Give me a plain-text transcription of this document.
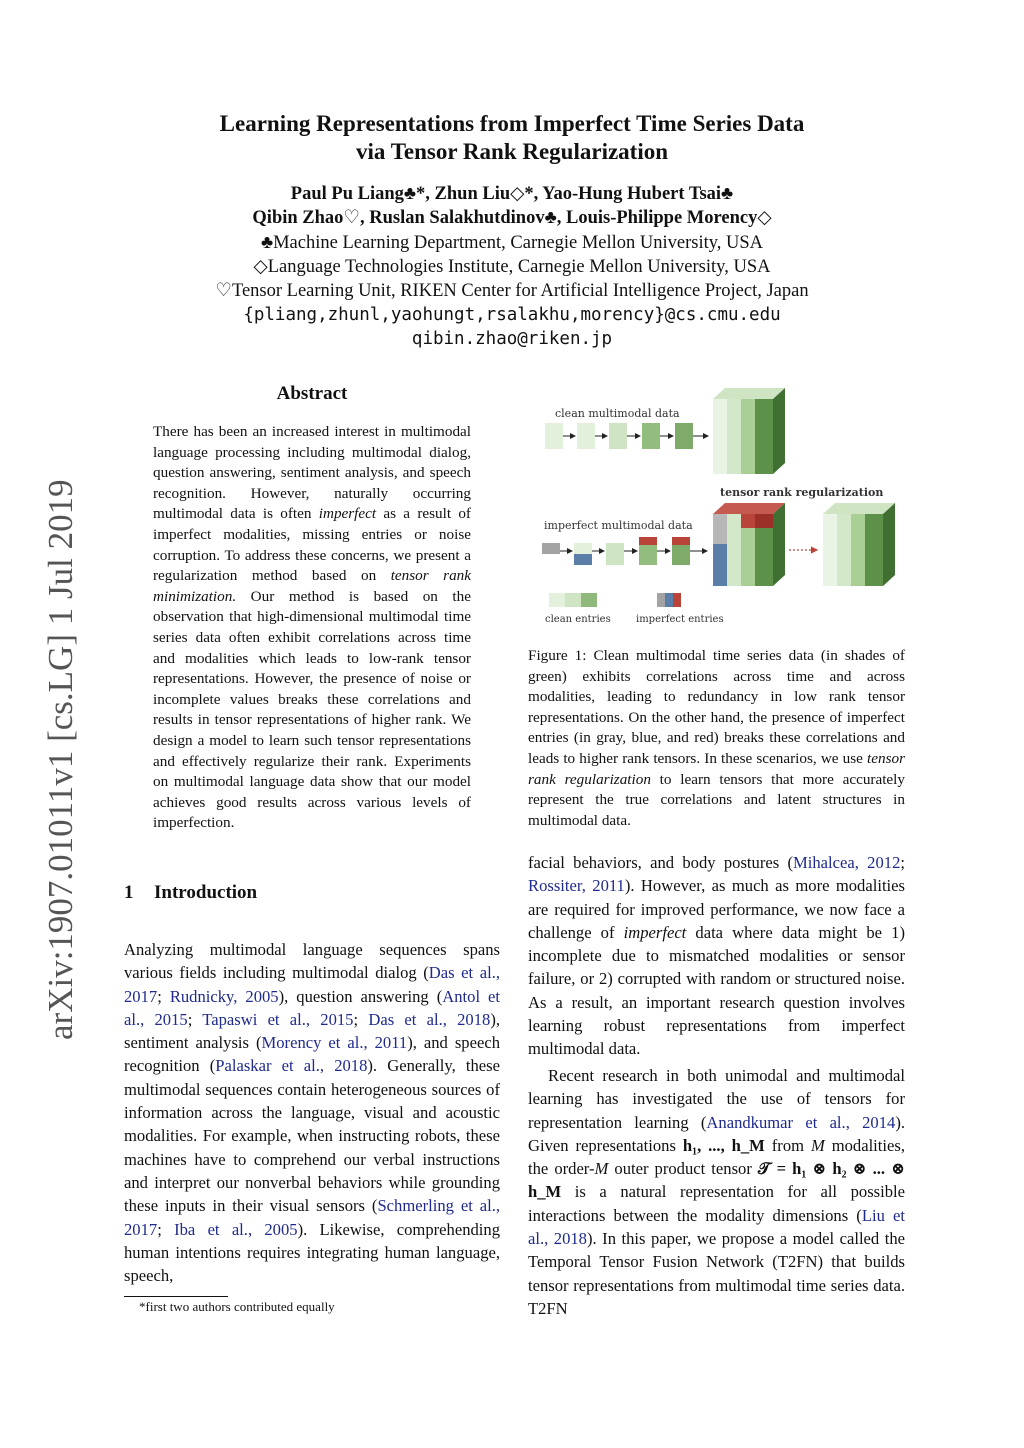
arXiv:1907.01011v1 [cs.LG] 1 Jul 2019
Learning Representations from Imperfect Time Series Data
via Tensor Rank Regularization
Paul Pu Liang♣*, Zhun Liu◇*, Yao-Hung Hubert Tsai♣
Qibin Zhao♡, Ruslan Salakhutdinov♣, Louis-Philippe Morency◇
♣Machine Learning Department, Carnegie Mellon University, USA
◇Language Technologies Institute, Carnegie Mellon University, USA
♡Tensor Learning Unit, RIKEN Center for Artificial Intelligence Project, Japan
{pliang,zhunl,yaohungt,rsalakhu,morency}@cs.cmu.edu
qibin.zhao@riken.jp
Abstract
There has been an increased interest in multimodal language processing including multimodal dialog, question answering, sentiment analysis, and speech recognition. However, naturally occurring multimodal data is often imperfect as a result of imperfect modalities, missing entries or noise corruption. To address these concerns, we present a regularization method based on tensor rank minimization. Our method is based on the observation that high-dimensional multimodal time series data often exhibit correlations across time and modalities which leads to low-rank tensor representations. However, the presence of noise or incomplete values breaks these correlations and results in tensor representations of higher rank. We design a model to learn such tensor representations and effectively regularize their rank. Experiments on multimodal language data show that our model achieves good results across various levels of imperfection.
clean multimodal data
tensor rank regularization
imperfect multimodal data
clean entries	imperfect entries
Figure 1: Clean multimodal time series data (in shades of green) exhibits correlations across time and across modalities, leading to redundancy in low rank tensor representations. On the other hand, the presence of imperfect entries (in gray, blue, and red) breaks these correlations and leads to higher rank tensors. In these scenarios, we use tensor rank regularization to learn tensors that more accurately represent the true correlations and latent structures in multimodal data.
1 Introduction
Analyzing multimodal language sequences spans various fields including multimodal dialog (Das et al., 2017; Rudnicky, 2005), question answering (Antol et al., 2015; Tapaswi et al., 2015; Das et al., 2018), sentiment analysis (Morency et al., 2011), and speech recognition (Palaskar et al., 2018). Generally, these multimodal sequences contain heterogeneous sources of information across the language, visual and acoustic modalities. For example, when instructing robots, these machines have to comprehend our verbal instructions and interpret our nonverbal behaviors while grounding these inputs in their visual sensors (Schmerling et al., 2017; Iba et al., 2005). Likewise, comprehending human intentions requires integrating human language, speech,
*first two authors contributed equally
facial behaviors, and body postures (Mihalcea, 2012; Rossiter, 2011). However, as much as more modalities are required for improved performance, we now face a challenge of imperfect data where data might be 1) incomplete due to mismatched modalities or sensor failure, or 2) corrupted with random or structured noise. As a result, an important research question involves learning robust representations from imperfect multimodal data.
Recent research in both unimodal and multimodal learning has investigated the use of tensors for representation learning (Anandkumar et al., 2014). Given representations h₁, ..., h_M from M modalities, the order-M outer product tensor 𝒯 = h₁ ⊗ h₂ ⊗ ... ⊗ h_M is a natural representation for all possible interactions between the modality dimensions (Liu et al., 2018). In this paper, we propose a model called the Temporal Tensor Fusion Network (T2FN) that builds tensor representations from multimodal time series data. T2FN
